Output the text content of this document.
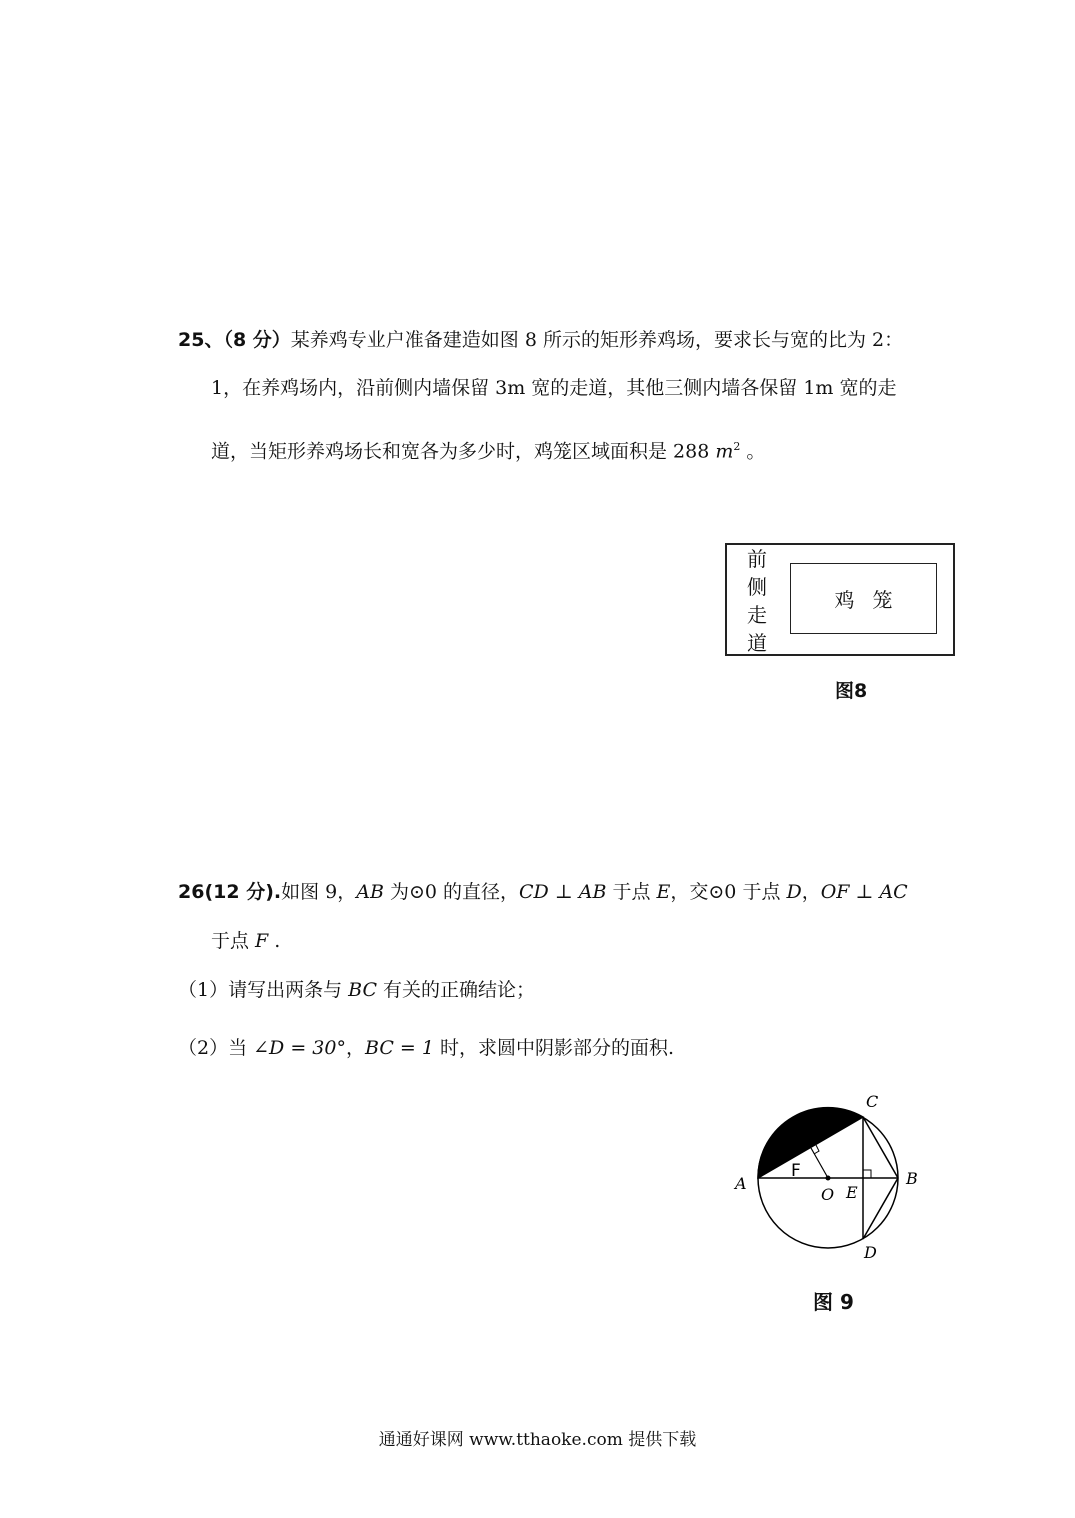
25、（8 分）某养鸡专业户准备建造如图 8 所示的矩形养鸡场，要求长与宽的比为 2：
1，在养鸡场内，沿前侧内墙保留 3m 宽的走道，其他三侧内墙各保留 1m 宽的走
道，当矩形养鸡场长和宽各为多少时，鸡笼区域面积是 288 $m^2$ 。
前
侧
走
道
鸡笼
图8
26(12 分).如图 9，AB 为⊙0 的直径，CD ⊥ AB 于点 E，交⊙0 于点 D，OF ⊥ AC
于点 F .
（1）请写出两条与 BC 有关的正确结论；
（2）当 ∠D = 30°，BC = 1 时，求圆中阴影部分的面积.
A	B
C
D
E
F
O
图 9
通通好课网 www.tthaoke.com 提供下载
